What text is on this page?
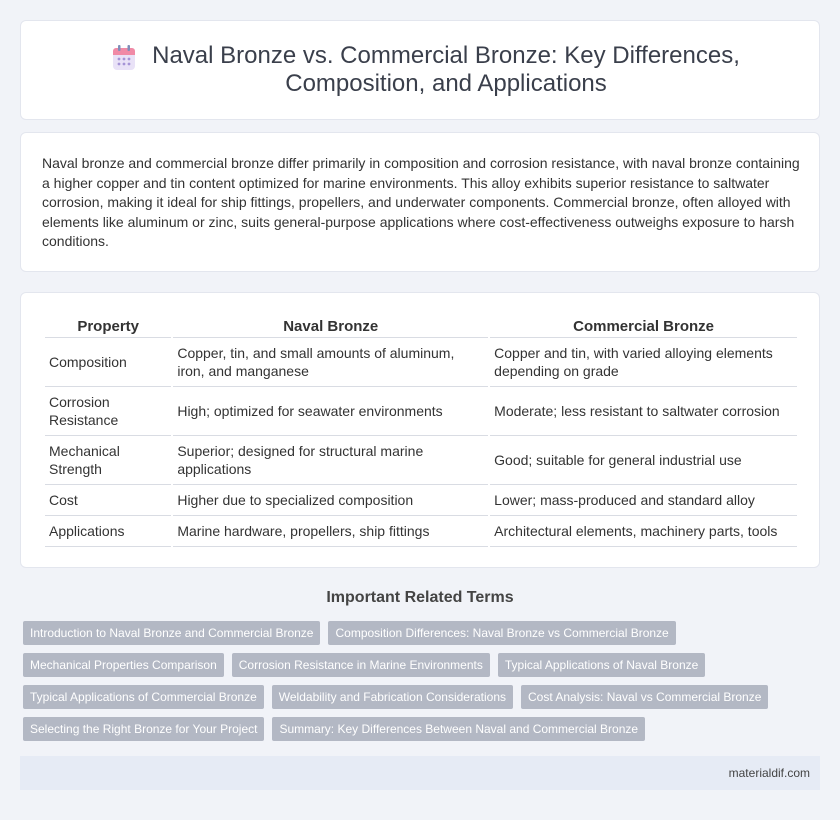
Naval Bronze vs. Commercial Bronze: Key Differences, Composition, and Applications

Naval bronze and commercial bronze differ primarily in composition and corrosion resistance, with naval bronze containing a higher copper and tin content optimized for marine environments. This alloy exhibits superior resistance to saltwater corrosion, making it ideal for ship fittings, propellers, and underwater components. Commercial bronze, often alloyed with elements like aluminum or zinc, suits general-purpose applications where cost-effectiveness outweighs exposure to harsh conditions.

Property	Naval Bronze	Commercial Bronze
Composition	Copper, tin, and small amounts of aluminum, iron, and manganese	Copper and tin, with varied alloying elements depending on grade
Corrosion Resistance	High; optimized for seawater environments	Moderate; less resistant to saltwater corrosion
Mechanical Strength	Superior; designed for structural marine applications	Good; suitable for general industrial use
Cost	Higher due to specialized composition	Lower; mass-produced and standard alloy
Applications	Marine hardware, propellers, ship fittings	Architectural elements, machinery parts, tools
Important Related Terms
Introduction to Naval Bronze and Commercial Bronze	Composition Differences: Naval Bronze vs Commercial Bronze
Mechanical Properties Comparison	Corrosion Resistance in Marine Environments	Typical Applications of Naval Bronze
Typical Applications of Commercial Bronze	Weldability and Fabrication Considerations	Cost Analysis: Naval vs Commercial Bronze
Selecting the Right Bronze for Your Project	Summary: Key Differences Between Naval and Commercial Bronze
materialdif.com
